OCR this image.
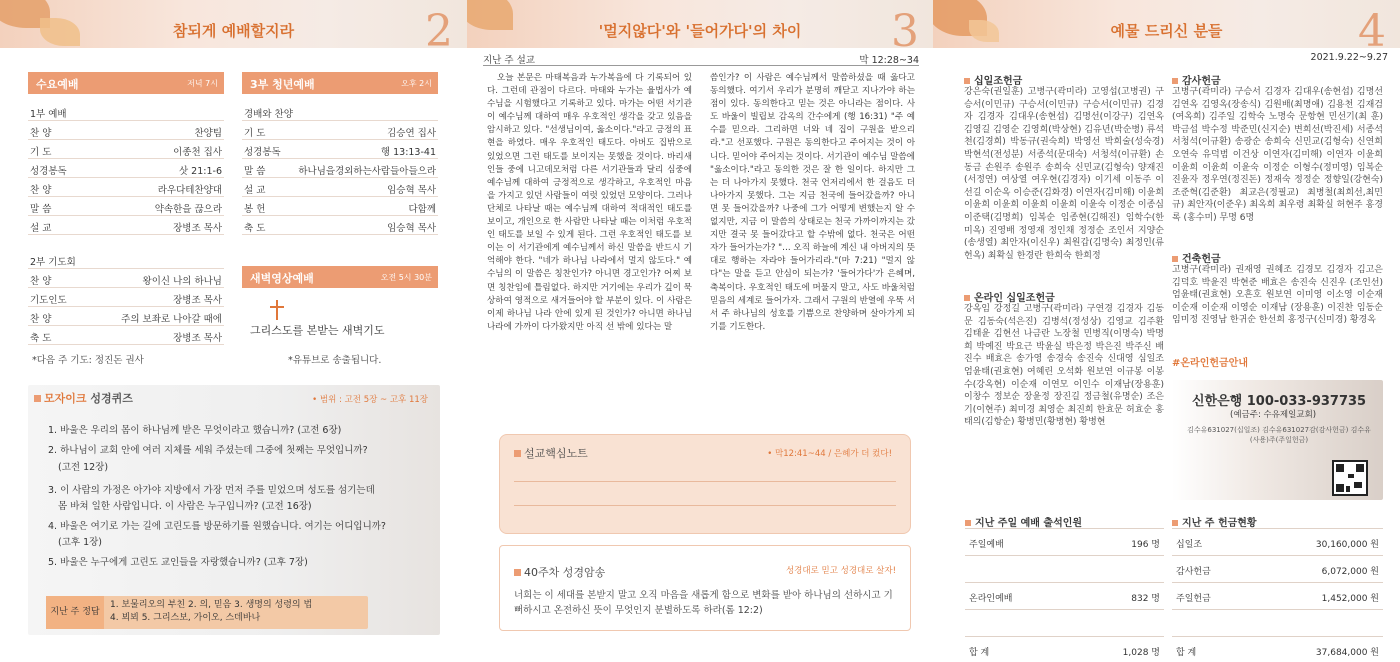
참되게 예배할지라	2
수요예배	저녁 7시
1부 예배
찬 양	찬양팀
기 도	이종천 집사
성경봉독	삿 21:1-6
찬 양	라우다테찬양대
말 씀	약속한을 끊으라
설 교	장병조 목사
2부 기도회
찬 양	왕이신 나의 하나님
기도인도	장병조 목사
찬 양	주의 보좌로 나아갈 때에
축 도	장병조 목사
*다음 주 기도: 정진돈 권사
3부 청년예배	오후 2시
경배와 찬양
기 도	김승연 집사
성경봉독	행 13:13-41
말 씀	하나님을경외하는사람들아들으라
설 교	임승혁 목사
봉 헌	다함께
축 도	임승혁 목사
새벽영상예배	오전 5시 30분
그리스도를 본받는 새벽기도
*유튜브로 송출됩니다.
모자이크 성경퀴즈	• 범위 : 고전 5장 ~ 고후 11장
1. 바울은 우리의 몸이 하나님께 받은 무엇이라고 했습니까? (고전 6장)
2. 하나님이 교회 안에 여러 지체를 세워 주셨는데 그중에 첫째는 무엇입니까?
(고전 12장)
3. 이 사람의 가정은 아가야 지방에서 가장 먼저 주를 믿었으며 성도를 섬기는데
몸 바쳐 일한 사람입니다. 이 사람은 누구입니까? (고전 16장)
4. 바울은 여기로 가는 길에 고린도를 방문하기를 원했습니다. 여기는 어디입니까?
(고후 1장)
5. 바울은 누구에게 고린도 교인들을 자랑했습니까? (고후 7장)
지난 주 정답
1. 보물리오의 부친 2. 의, 믿음 3. 생명의 성령의 법
4. 뵈뵈 5. 그리스보, 가이오, 스데바나
'멀지않다'와 '들어가다'의 차이	3
지난 주 설교	막 12:28~34
오늘 본문은 마태복음과 누가복음에 다 기록되어 있다. 그런데 관점이 다르다. 마태와 누가는 율법사가 예수님을 시험했다고 기록하고 있다. 마가는 어떤 서기관이 예수님께 대하여 매우 우호적인 생각을 갖고 있음을 암시하고 있다. "선생님이여, 옳소이다."라고 긍정의 표현을 하였다. 매우 우호적인 태도다. 아버도 집밖으로 있었으면 그런 태도를 보이지는 못했을 것이다. 바리새인들 중에 니고데모처럼 다른 서기관들과 달리 심중에 예수님께 대하여 긍정적으로 생각하고, 우호적인 마음을 가지고 있던 사람들이 여럿 있었던 모양이다. 그러나 단체로 나타날 때는 예수님께 대하여 적대적인 태도를 보이고, 개인으로 한 사람만 나타날 때는 이처럼 우호적인 태도를 보일 수 있게 된다. 그런 우호적인 태도를 보이는 이 서기관에게 예수님께서 하신 말씀을 반드시 기억해야 한다. "네가 하나님 나라에서 멀지 않도다." 예수님의 이 말씀은 칭찬인가? 아니면 경고인가? 어찌 보면 칭찬임에 틀림없다. 하지만 거기에는 우리가 깊이 묵상하여 영적으로 새겨들어야 할 부분이 있다. 이 사람은 이제 하나님 나라 안에 있게 된 것인가? 아니면 하나님 나라에 가까이 다가왔지만 아직 선 밖에 있다는 말
씀인가? 이 사람은 예수님께서 말씀하셨을 때 옳다고 동의했다. 여기서 우리가 분명히 깨닫고 지나가야 하는 점이 있다. 동의한다고 믿는 것은 아니라는 점이다. 사도 바울이 빌립보 감옥의 간수에게 (행 16:31) "주 예수를 믿으라. 그리하면 너와 네 집이 구원을 받으리라."고 선포했다. 구원은 동의한다고 주어지는 것이 아니다. 믿어야 주어지는 것이다. 서기관이 예수님 말씀에 "옳소이다."라고 동의한 것은 잘 한 일이다. 하지만 그는 더 나아가지 못했다. 천국 언저리에서 한 걸음도 더 나아가지 못했다. 그는 지금 천국에 들어갔을까? 아니면 못 들어갔을까? 나중에 그가 어떻게 변했는지 알 수 없지만, 지금 이 말씀의 상태로는 천국 가까이까지는 갔지만 결국 못 들어갔다고 할 수밖에 없다. 천국은 어떤 자가 들어가는가? "… 오직 하늘에 계신 내 아버지의 뜻대로 행하는 자라야 들어가리라."(마 7:21) "멀지 않다"는 말을 듣고 안심이 되는가? '들어가다'가 은혜며, 축복이다. 우호적인 태도에 머물지 말고, 사도 바울처럼 믿음의 세계로 들어가자. 그래서 구원의 반열에 우뚝 서서 주 하나님의 성호를 기쁨으로 찬양하며 살아가게 되기를 기도한다.
설교핵심노트	• 막12:41~44 / 은혜가 더 컸다!
40주차 성경암송	성경대로 믿고 성경대로 살자!
너희는 이 세대를 본받지 말고 오직 마음을 새롭게 함으로 변화를 받아 하나님의 선하시고 기뻐하시고 온전하신 뜻이 무엇인지 분별하도록 하라(롬 12:2)
예물 드리신 분들	4
2021.9.22~9.27
십일조헌금
강은숙(권일훈) 고병구(곽미라) 고영섭(고병권) 구승서(이민규) 구승서(이민규) 구승서(이민규) 김경자 김경자 김대우(송현섭) 김명선(이강구) 김연옥 김영길 김영순 김영희(박상현) 김유년(박순병) 류석천(김경희) 박동규(권숙희) 박영선 박희술(성숙경) 박현석(전성분) 서종석(문대숙) 서청석(이규환) 손동금 손원주 송원주 송희숙 신민교(김형숙) 양재진(서정연) 여상열 여우현(김경자) 이기세 이동주 이선길 이순옥 이승준(김화경) 이연자(김미해) 이윤희 이윤희 이윤희 이윤희 이윤희 이윤숙 이정순 이종심 이준택(김명희) 임복순 임종현(김해진) 임학수(한미옥) 진영배 정영재 정인채 정정순 조인서 지양순(송생열) 최안자(이신우) 최원갑(김명숙) 최정인(류헌옥) 최확실 한경란 한희숙 한희정
온라인 십일조헌금
강옥임 강정길 고병구(곽미라) 구연경 김경자 김동문 김동숙(석은진) 김병석(정성상) 김영교 김주환 김태윤 김현선 나금란 노장철 민병직(이명숙) 박명희 박예진 박요근 박윤실 박은정 박은진 박주신 배진수 배효은 송가영 송경숙 송진숙 신대영 심일조 엄윤태(권효현) 여혜린 오석화 원보연 이규봉 이봉수(강옥현) 이순재 이연모 이인수 이재남(장용훈) 이창수 정보순 장윤정 장진길 정금철(유명순) 조은기(이현주) 최미경 최영순 최진희 한효문 허효순 홍태의(김항순) 황병민(황병현) 황병현
감사헌금
고병구(곽미라) 구승서 김경자 김대우(송현섭) 김명선 김연옥 김영옥(장송식) 김원배(최명애) 김용천 김재검(여옥희) 김주일 김학숙 노명숙 문항현 민선기(최 훈) 박금섭 박수정 박준민(신지순) 변희선(박진세) 서종석 서청석(이규환) 송광순 송희숙 신민교(김형숙) 신연희 오연숙 유덕범 이건상 이연자(김미해) 이연자 이윤희 이윤희 이윤희 이윤숙 이정순 이형수(정미영) 임복순 진윤자 정우연(정진돈) 정재숙 정정순 정향일(강현숙) 조준혁(김준환) 최교은(정필교) 최병철(최희선,최민규) 최안자(이준우) 최옥희 최우령 최확실 허현주 홍경록 (홍수미) 무명 6명
건축헌금
고병구(곽미라) 권재영 권혜조 김경모 김경자 김고은 김덕호 박윤진 박현준 배효은 송진숙 신진우 (조인선) 엄윤태(권효현) 오흔호 원보연 이미영 이소영 이순재 이순재 이순재 이영순 이재남 (장용훈) 이진찬 임동순 임미정 진영남 한귀순 한선희 홍정구(신미경) 황경옥
#온라인헌금안내
신한은행 100-033-937735
(예금주: 수유제일교회)
김수유631027(십일조) 김수유631027감(감사헌금) 김수유(사용)주(주일헌금)
지난 주일 예배 출석인원
주일예배	196 명
온라인예배	832 명
합 계	1,028 명
지난 주 헌금현황
십일조	30,160,000 원
감사헌금	6,072,000 원
주일헌금	1,452,000 원
합 계	37,684,000 원
